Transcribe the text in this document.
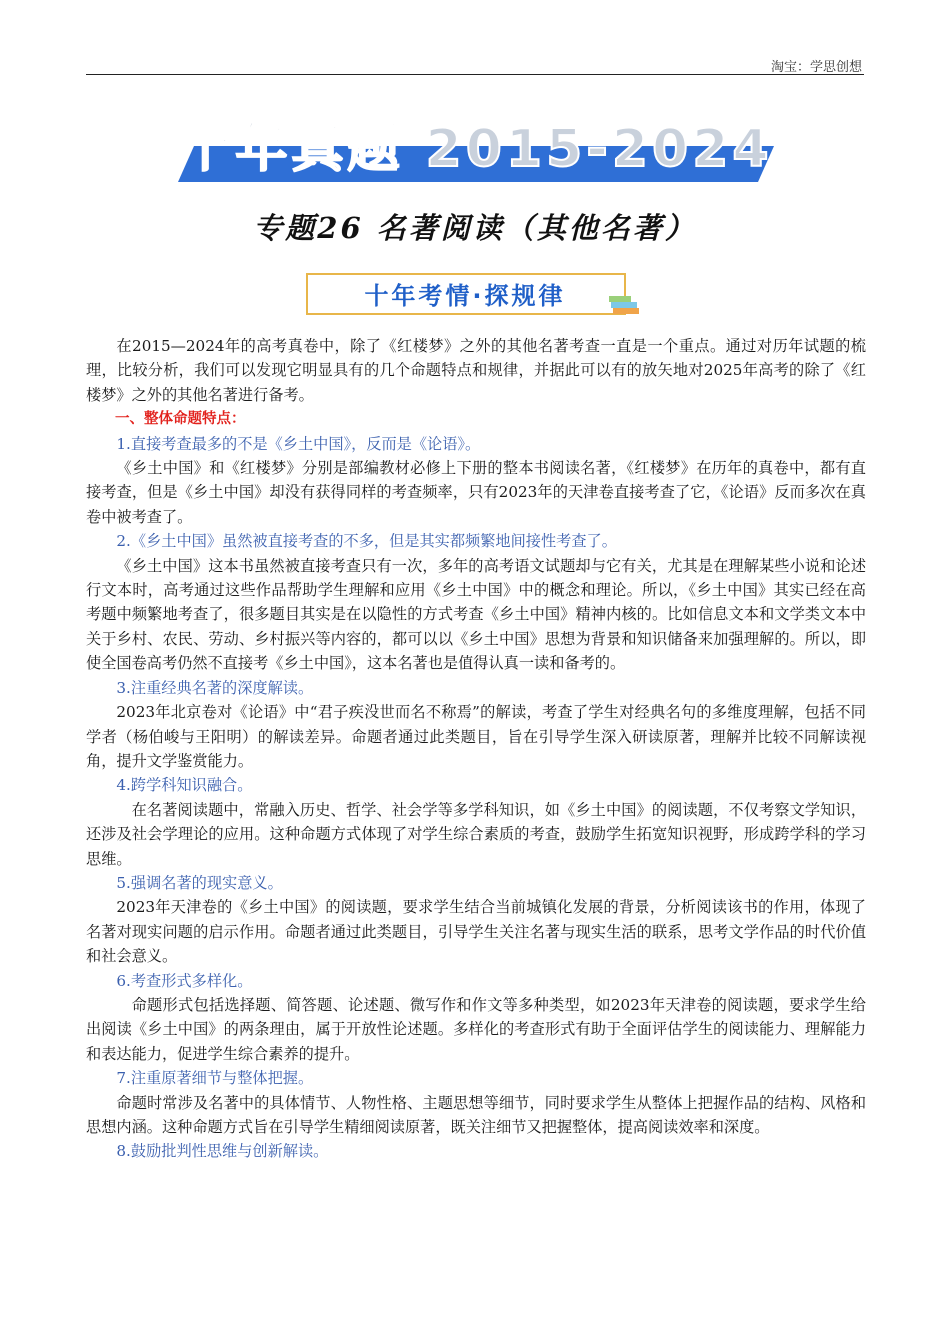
淘宝：学思创想
十年真题 2015-2024
专题26 名著阅读（其他名著）
十年考情·探规律

在2015—2024年的高考真卷中，除了《红楼梦》之外的其他名著考查一直是一个重点。通过对历年试题的梳理，比较分析，我们可以发现它明显具有的几个命题特点和规律，并据此可以有的放矢地对2025年高考的除了《红楼梦》之外的其他名著进行备考。

一、整体命题特点：

1.直接考查最多的不是《乡土中国》，反而是《论语》。

《乡土中国》和《红楼梦》分别是部编教材必修上下册的整本书阅读名著，《红楼梦》在历年的真卷中，都有直接考查，但是《乡土中国》却没有获得同样的考查频率，只有2023年的天津卷直接考查了它，《论语》反而多次在真卷中被考查了。

2.《乡土中国》虽然被直接考查的不多，但是其实都频繁地间接性考查了。

《乡土中国》这本书虽然被直接考查只有一次，多年的高考语文试题却与它有关，尤其是在理解某些小说和论述行文本时，高考通过这些作品帮助学生理解和应用《乡土中国》中的概念和理论。所以，《乡土中国》其实已经在高考题中频繁地考查了，很多题目其实是在以隐性的方式考查《乡土中国》精神内核的。比如信息文本和文学类文本中关于乡村、农民、劳动、乡村振兴等内容的，都可以以《乡土中国》思想为背景和知识储备来加强理解的。所以，即使全国卷高考仍然不直接考《乡土中国》，这本名著也是值得认真一读和备考的。

3.注重经典名著的深度解读。

2023年北京卷对《论语》中“君子疾没世而名不称焉”的解读，考查了学生对经典名句的多维度理解，包括不同学者（杨伯峻与王阳明）的解读差异。命题者通过此类题目，旨在引导学生深入研读原著，理解并比较不同解读视角，提升文学鉴赏能力。

4.跨学科知识融合。

在名著阅读题中，常融入历史、哲学、社会学等多学科知识，如《乡土中国》的阅读题，不仅考察文学知识，还涉及社会学理论的应用。这种命题方式体现了对学生综合素质的考查，鼓励学生拓宽知识视野，形成跨学科的学习思维。

5.强调名著的现实意义。

2023年天津卷的《乡土中国》的阅读题，要求学生结合当前城镇化发展的背景，分析阅读该书的作用，体现了名著对现实问题的启示作用。命题者通过此类题目，引导学生关注名著与现实生活的联系，思考文学作品的时代价值和社会意义。

6.考查形式多样化。

命题形式包括选择题、简答题、论述题、微写作和作文等多种类型，如2023年天津卷的阅读题，要求学生给出阅读《乡土中国》的两条理由，属于开放性论述题。多样化的考查形式有助于全面评估学生的阅读能力、理解能力和表达能力，促进学生综合素养的提升。

7.注重原著细节与整体把握。

命题时常涉及名著中的具体情节、人物性格、主题思想等细节，同时要求学生从整体上把握作品的结构、风格和思想内涵。这种命题方式旨在引导学生精细阅读原著，既关注细节又把握整体，提高阅读效率和深度。

8.鼓励批判性思维与创新解读。
